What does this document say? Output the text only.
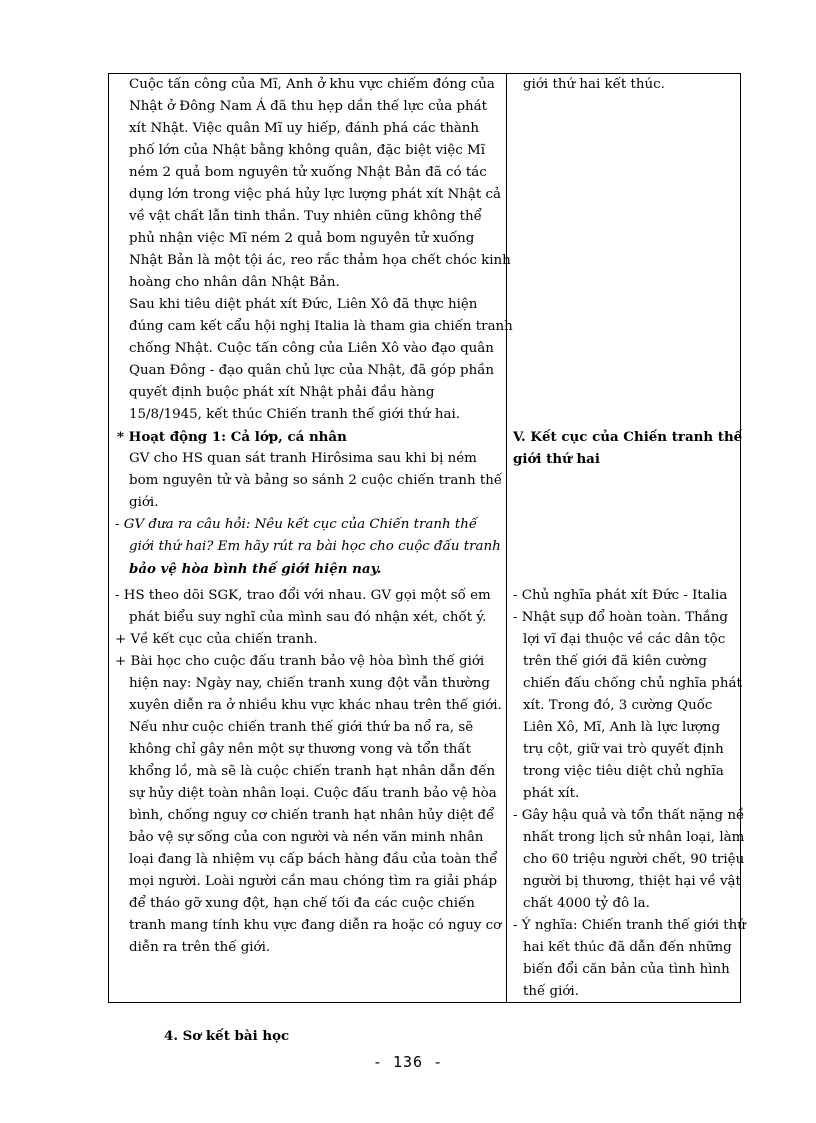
Cuộc tấn công của Mĩ, Anh ở khu vực chiếm đóng của
Nhật ở Đông Nam Á đã thu hẹp dần thế lực của phát
xít Nhật. Việc quân Mĩ uy hiếp, đánh phá các thành
phố lớn của Nhật bằng không quân, đặc biệt việc Mĩ
ném 2 quả bom nguyên tử xuống Nhật Bản đã có tác
dụng lớn trong việc phá hủy lực lượng phát xít Nhật cả
về vật chất lẫn tinh thần. Tuy nhiên cũng không thể
phủ nhận việc Mĩ ném 2 quả bom nguyên tử xuống
Nhật Bản là một tội ác, reo rắc thảm họa chết chóc kinh
hoàng cho nhân dân Nhật Bản.
Sau khi tiêu diệt phát xít Đức, Liên Xô đã thực hiện
đúng cam kết cẩu hội nghị Italia là tham gia chiến tranh
chống Nhật. Cuộc tấn công của Liên Xô vào đạo quân
Quan Đông - đạo quân chủ lực của Nhật, đã góp phần
quyết định buộc phát xít Nhật phải đầu hàng
15/8/1945, kết thúc Chiến tranh thế giới thứ hai.
* Hoạt động 1: Cả lớp, cá nhân
GV cho HS quan sát tranh Hirôsima sau khi bị ném
bom nguyên tử và bảng so sánh 2 cuộc chiến tranh thế
giới.
- GV đưa ra câu hỏi: Nêu kết cục của Chiến tranh thế
giới thứ hai? Em hãy rút ra bài học cho cuộc đấu tranh
bảo vệ hòa bình thế giới hiện nay.
- HS theo dõi SGK, trao đổi với nhau. GV gọi một số em
phát biểu suy nghĩ của mình sau đó nhận xét, chốt ý.
+ Về kết cục của chiến tranh.
+ Bài học cho cuộc đấu tranh bảo vệ hòa bình thế giới
hiện nay: Ngày nay, chiến tranh xung đột vẫn thường
xuyên diễn ra ở nhiều khu vực khác nhau trên thế giới.
Nếu như cuộc chiến tranh thế giới thứ ba nổ ra, sẽ
không chỉ gây nên một sự thương vong và tổn thất
khổng lồ, mà sẽ là cuộc chiến tranh hạt nhân dẫn đến
sự hủy diệt toàn nhân loại. Cuộc đấu tranh bảo vệ hòa
bình, chống nguy cơ chiến tranh hạt nhân hủy diệt để
bảo vệ sự sống của con người và nền văn minh nhân
loại đang là nhiệm vụ cấp bách hàng đầu của toàn thể
mọi người. Loài người cần mau chóng tìm ra giải pháp
để tháo gỡ xung đột, hạn chế tối đa các cuộc chiến
tranh mang tính khu vực đang diễn ra hoặc có nguy cơ
diễn ra trên thế giới.
giới thứ hai kết thúc.
V. Kết cục của Chiến tranh thế
giới thứ hai
- Chủ nghĩa phát xít Đức - Italia
- Nhật sụp đổ hoàn toàn. Thắng
lợi vĩ đại thuộc về các dân tộc
trên thế giới đã kiên cường
chiến đấu chống chủ nghĩa phát
xít. Trong đó, 3 cường Quốc
Liên Xô, Mĩ, Anh là lực lượng
trụ cột, giữ vai trò quyết định
trong việc tiêu diệt chủ nghĩa
phát xít.
- Gây hậu quả và tổn thất nặng nề
nhất trong lịch sử nhân loại, làm
cho 60 triệu người chết, 90 triệu
người bị thương, thiệt hại về vật
chất 4000 tỷ đô la.
- Ý nghĩa: Chiến tranh thế giới thứ
hai kết thúc đã dẫn đến những
biến đổi căn bản của tình hình
thế giới.
4. Sơ kết bài học
- 136 -
